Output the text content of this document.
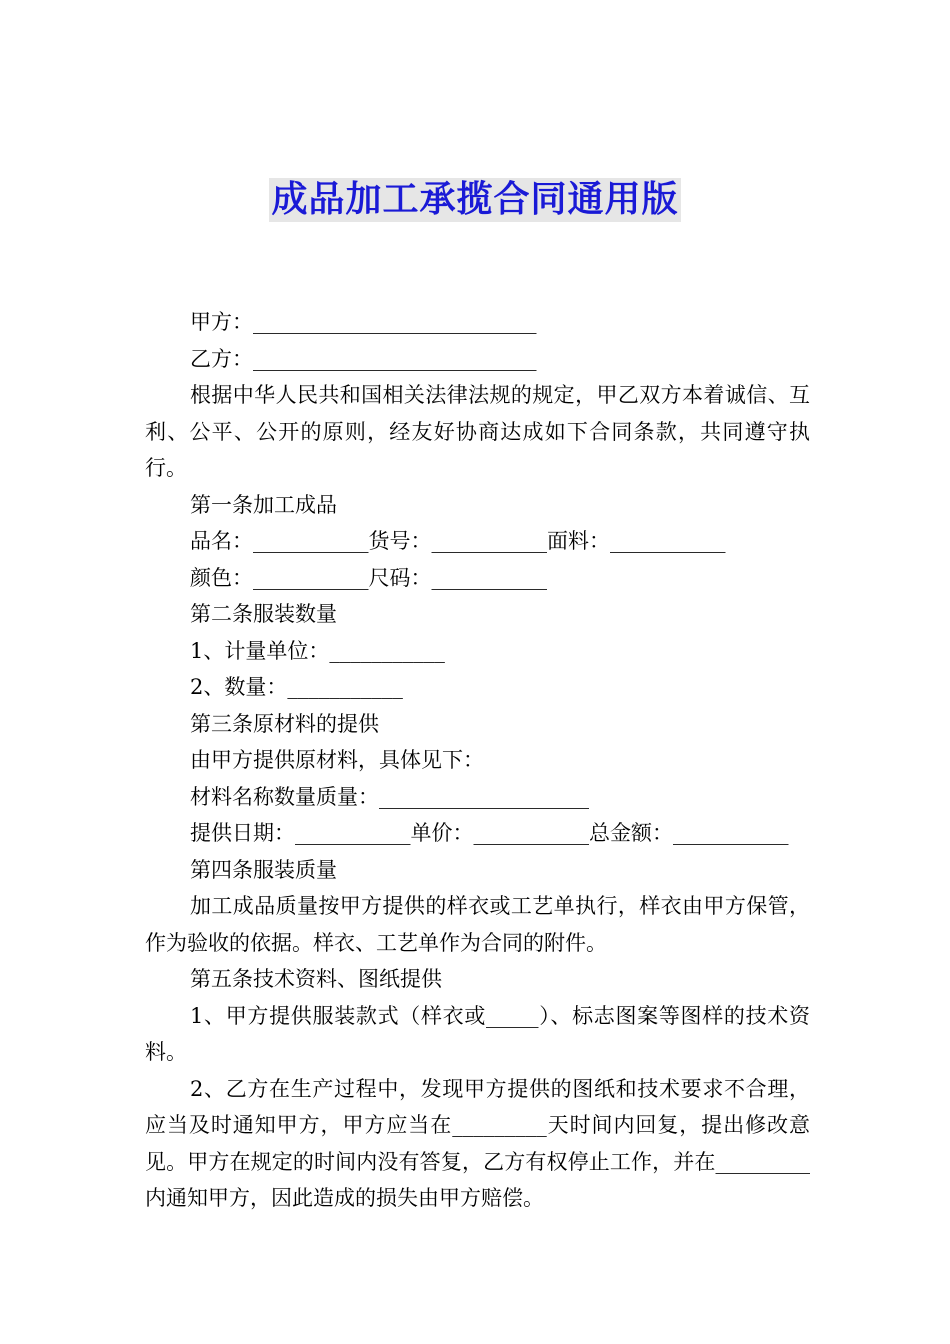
成品加工承揽合同通用版

甲方：___________________________

乙方：___________________________

根据中华人民共和国相关法律法规的规定，甲乙双方本着诚信、互利、公平、公开的原则，经友好协商达成如下合同条款，共同遵守执行。

第一条加工成品

品名：___________货号：___________面料：___________

颜色：___________尺码：___________

第二条服装数量

1、计量单位：___________

2、数量：___________

第三条原材料的提供

由甲方提供原材料，具体见下：

材料名称数量质量：____________________

提供日期：___________单价：___________总金额：___________

第四条服装质量

加工成品质量按甲方提供的样衣或工艺单执行，样衣由甲方保管，作为验收的依据。样衣、工艺单作为合同的附件。

第五条技术资料、图纸提供

1、甲方提供服装款式（样衣或_____）、标志图案等图样的技术资料。

2、乙方在生产过程中，发现甲方提供的图纸和技术要求不合理，应当及时通知甲方，甲方应当在_________天时间内回复，提出修改意见。甲方在规定的时间内没有答复，乙方有权停止工作，并在_________内通知甲方，因此造成的损失由甲方赔偿。
